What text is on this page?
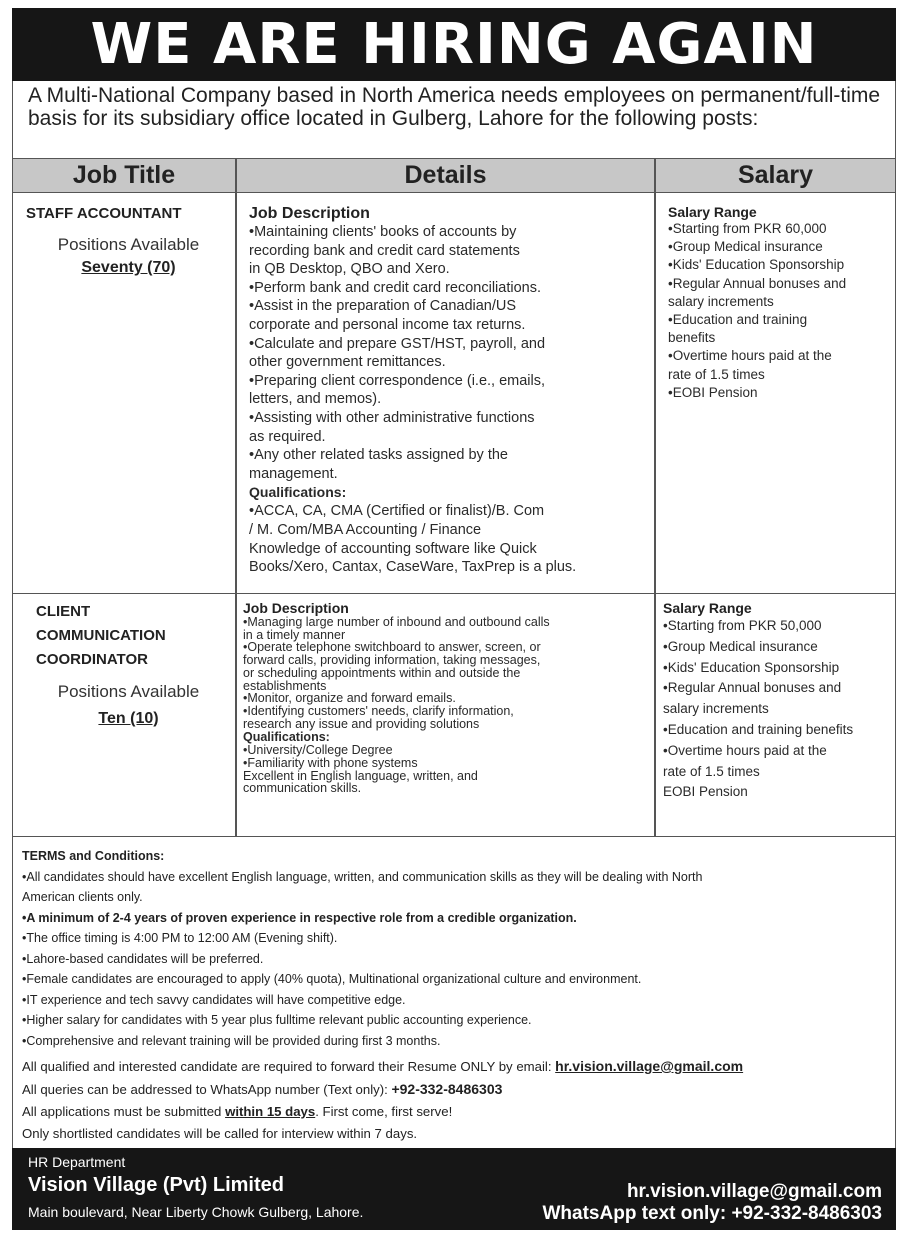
WE ARE HIRING AGAIN
A Multi-National Company based in North America needs employees on permanent/full-time basis for its subsidiary office located in Gulberg, Lahore for the following posts:
Job Title	Details	Salary
STAFF ACCOUNTANT
Positions Available
Seventy (70)
Job Description
•Maintaining clients' books of accounts by
recording bank and credit card statements
in QB Desktop, QBO and Xero.
•Perform bank and credit card reconciliations.
•Assist in the preparation of Canadian/US
corporate and personal income tax returns.
•Calculate and prepare GST/HST, payroll, and
other government remittances.
•Preparing client correspondence (i.e., emails,
letters, and memos).
•Assisting with other administrative functions
as required.
•Any other related tasks assigned by the
management.
Qualifications:
•ACCA, CA, CMA (Certified or finalist)/B. Com
/ M. Com/MBA Accounting / Finance
Knowledge of accounting software like Quick
Books/Xero, Cantax, CaseWare, TaxPrep is a plus.
Salary Range
•Starting from PKR 60,000
•Group Medical insurance
•Kids' Education Sponsorship
•Regular Annual bonuses and
salary increments
•Education and training
benefits
•Overtime hours paid at the
rate of 1.5 times
•EOBI Pension
CLIENT
COMMUNICATION
COORDINATOR
Positions Available
Ten (10)
Job Description
•Managing large number of inbound and outbound calls
in a timely manner
•Operate telephone switchboard to answer, screen, or
forward calls, providing information, taking messages,
or scheduling appointments within and outside the
establishments
•Monitor, organize and forward emails.
•Identifying customers' needs, clarify information,
research any issue and providing solutions
Qualifications:
•University/College Degree
•Familiarity with phone systems
Excellent in English language, written, and
communication skills.
Salary Range
•Starting from PKR 50,000
•Group Medical insurance
•Kids' Education Sponsorship
•Regular Annual bonuses and
salary increments
•Education and training benefits
•Overtime hours paid at the
rate of 1.5 times
EOBI Pension
TERMS and Conditions:
•All candidates should have excellent English language, written, and communication skills as they will be dealing with North
American clients only.
•A minimum of 2-4 years of proven experience in respective role from a credible organization.
•The office timing is 4:00 PM to 12:00 AM (Evening shift).
•Lahore-based candidates will be preferred.
•Female candidates are encouraged to apply (40% quota), Multinational organizational culture and environment.
•IT experience and tech savvy candidates will have competitive edge.
•Higher salary for candidates with 5 year plus fulltime relevant public accounting experience.
•Comprehensive and relevant training will be provided during first 3 months.
All qualified and interested candidate are required to forward their Resume ONLY by email: hr.vision.village@gmail.com
All queries can be addressed to WhatsApp number (Text only): +92-332-8486303
All applications must be submitted within 15 days. First come, first serve!
Only shortlisted candidates will be called for interview within 7 days.
HR Department
Vision Village (Pvt) Limited
Main boulevard, Near Liberty Chowk Gulberg, Lahore.
hr.vision.village@gmail.com
WhatsApp text only: +92-332-8486303
